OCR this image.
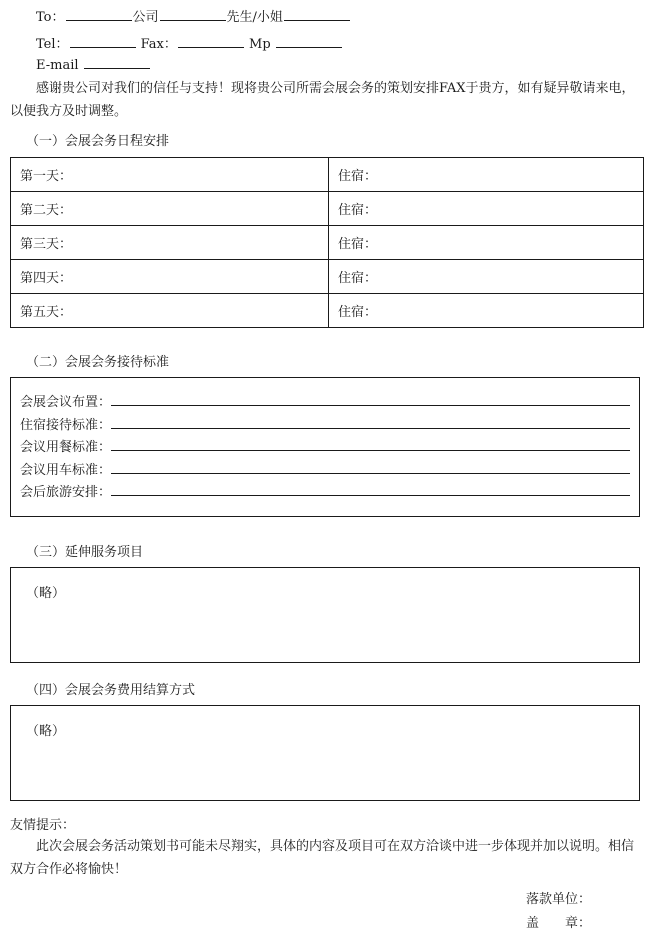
To：	公司	先生/小姐
Tel：	Fax：	Mp
E-mail
感谢贵公司对我们的信任与支持！现将贵公司所需会展会务的策划安排FAX于贵方，如有疑异敬请来电，以便我方及时调整。
（一）会展会务日程安排
第一天：	住宿：
第二天：	住宿：
第三天：	住宿：
第四天：	住宿：
第五天：	住宿：
（二）会展会务接待标准
会展会议布置：
住宿接待标准：
会议用餐标准：
会议用车标准：
会后旅游安排：
（三）延伸服务项目
（略）
（四）会展会务费用结算方式
（略）
友情提示：
此次会展会务活动策划书可能未尽翔实，具体的内容及项目可在双方洽谈中进一步体现并加以说明。相信双方合作必将愉快！
落款单位：
盖　　章：
